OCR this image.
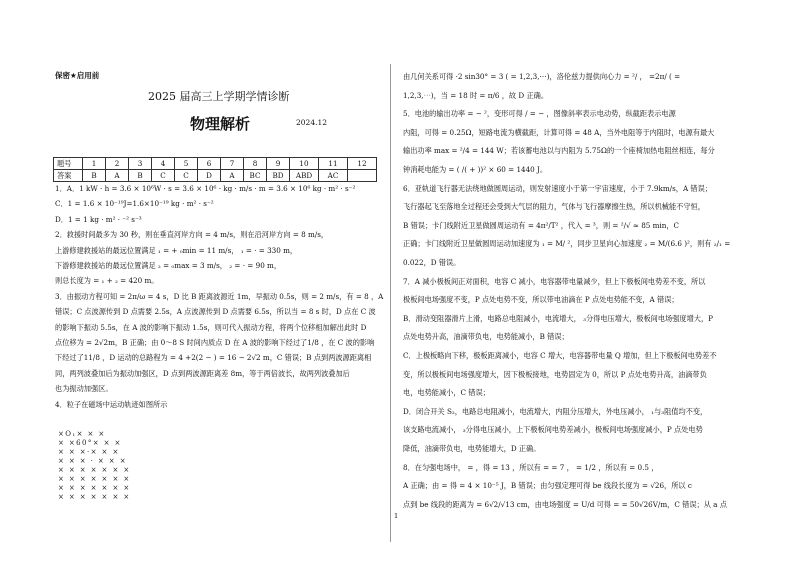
保密★启用前
2025 届高三上学期学情诊断
物理解析	2024.12
题号	1	2	3	4	5	6	7	8	9	10	11	12
答案	B	A	B	C	C	D	A	BC	BD	ABD	AC	
1．A．1 kW · h = 3.6 × 10⁶W · s = 3.6 × 10⁶ · kg · m/s · m = 3.6 × 10⁶ kg · m² · s⁻²
C．1 = 1.6 × 10⁻¹⁹J=1.6×10⁻¹⁹ kg · m² · s⁻²
D．1 = 1 kg · m² · ⁻² s⁻³
2．救援时间最多为 30 秒，则在垂直河岸方向 = 4 m/s，则在沿河岸方向 = 8 m/s，
上游修建救援站的最远位置满足 ₁ = + ₀min = 11 m/s， ₁ = · = 330 m，
下游修建救援站的最远位置满足 ₂ = ₀max = 3 m/s， ₂ = · = 90 m，
则总长度为 = ₁ + ₂ = 420 m。
3．由振动方程可知 = 2π/ω = 4 s，D 比 B 距离波源近 1m，早振动 0.5s，则 = 2 m/s，有 = 8 ，A
错误；C 点波源传到 D 点需要 2.5s，A 点波源传到 D 点需要 6.5s，所以当 = 8 s 时，D 点在 C 波
的影响下振动 5.5s，在 A 波的影响下振动 1.5s，则可代入振动方程，将两个位移相加解出此时 D
点位移为 = 2√2m，B 正确；由 0～8 S 时间内质点 D 在 A 波的影响下经过了1/8 ，在 C 波的影响
下经过了11/8 ，D 运动的总路程为 = 4 +2(2 − ) = 16 − 2√2 m，C 错误；B 点到两波源距离相
同，两列波叠加后为振动加强区，D 点到两波源距离差 8m，等于两倍波长，故两列波叠加后
也为振动加强区。
4．粒子在磁场中运动轨迹如图所示
×O₁× × ×
× ×60°× × ×
× × ×·× × ×
× × × · × × ×
× × × × × × ×
× × × × × × ×
× × × × × × ×
× × × × × × ×
由几何关系可得 ·2 sin30° = 3 ( = 1,2,3,⋯)，洛伦兹力提供向心力 = ²/ ， =2π/ ( =
1,2,3,⋯)，当 = 18 时 = π/6 ，故 D 正确。
5．电池的输出功率 = − ²，变形可得 / = − ，图像斜率表示电动势，纵截距表示电源
内阻，可得 = 0.25Ω，短路电流为横截距，计算可得 = 48 A，当外电阻等于内阻时，电源有最大
输出功率 max = ²/4 = 144 W；若该蓄电池以与内阻为 5.75Ω的一个座椅加热电阻丝相连，每分
钟消耗电能为 = ( /( + ))² × 60 = 1440 J。
6．亚轨道飞行器无法绕地做圆周运动，则发射速度小于第一宇宙速度，小于 7.9km/s，A 错误；
飞行器起飞至落地全过程还会受到大气层的阻力，气体与飞行器摩擦生热，所以机械能不守恒，
B 错误；卡门线附近卫星做圆周运动有 = 4π²/T² ，代入 = ³，则 = ²/√ ≈ 85 min，C
正确；卡门线附近卫星做圆周运动加速度为 ₁ = M/ ²，同步卫星向心加速度 ₂ = M/(6.6 )²，则有 ₂/₁ =
0.022，D 错误。
7．A 减小极板间正对面积，电容 C 减小，电容器带电量减少，但上下极板间电势差不变，所以
极板间电场强度不变，P 点处电势不变，所以带电油滴在 P 点处电势能不变，A 错误；
B．滑动变阻器滑片上滑，电路总电阻减小，电流增大， ₃分得电压增大，极板间电场强度增大，P
点处电势升高，油滴带负电，电势能减小，B 错误；
C．上极板略向下移，极板距离减小，电容 C 增大，电容器带电量 Q 增加，但上下极板间电势差不
变，所以极板间电场强度增大，因下极板接地，电势固定为 0，所以 P 点处电势升高，油滴带负
电，电势能减小，C 错误；
D．闭合开关 S₂，电路总电阻减小，电流增大，内阻分压增大，外电压减小， ₁与₃阻值均不变，
该支路电流减小， ₃分得电压减小，上下极板间电势差减小，极板间电场强度减小，P 点处电势
降低，油滴带负电，电势能增大，D 正确。
8．在匀强电场中， = ，得 = 13 ，所以有 = = 7 ， = 1/2 ，所以有 = 0.5 ，
A 正确；由 = 得 = 4 × 10⁻⁵ J，B 错误；由匀强定理可得 be 线段长度为 = √26，所以 c
点到 be 线段的距离为 = 6√2/√13 cm，由电场强度 = U/d 可得 = = 50√26V/m，C 错误；从 a 点
1
